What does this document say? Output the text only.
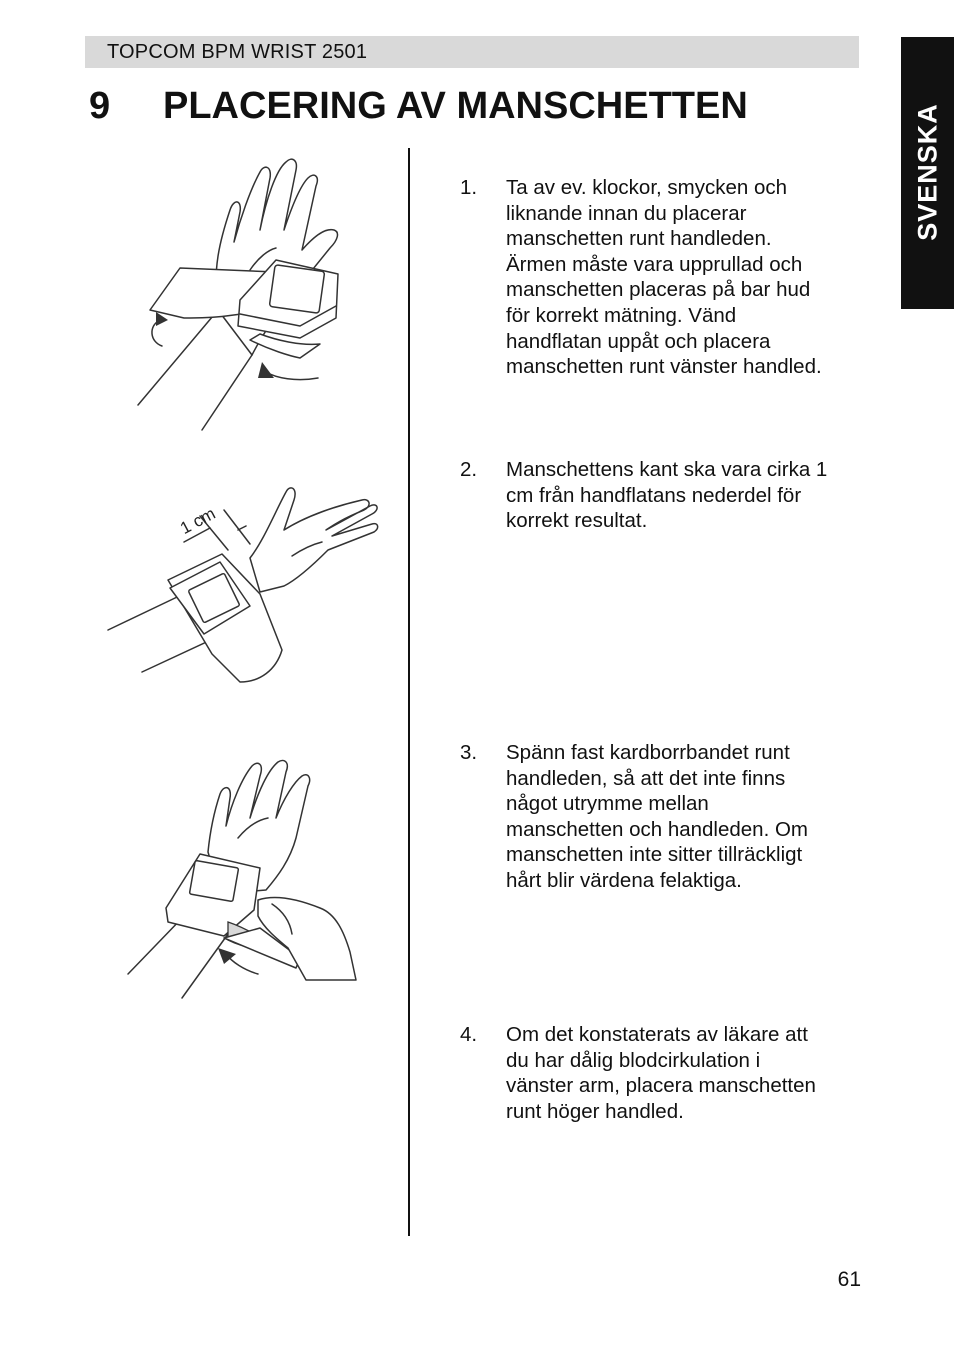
TOPCOM BPM WRIST 2501
SVENSKA
9 PLACERING AV MANSCHETTEN
1 cm
1. Ta av ev. klockor, smycken och
liknande innan du placerar
manschetten runt handleden.
Ärmen måste vara upprullad och
manschetten placeras på bar hud
för korrekt mätning. Vänd
handflatan uppåt och placera
manschetten runt vänster handled.
2. Manschettens kant ska vara cirka 1
cm från handflatans nederdel för
korrekt resultat.
3. Spänn fast kardborrbandet runt
handleden, så att det inte finns
något utrymme mellan
manschetten och handleden. Om
manschetten inte sitter tillräckligt
hårt blir värdena felaktiga.
4. Om det konstaterats av läkare att
du har dålig blodcirkulation i
vänster arm, placera manschetten
runt höger handled.
61
